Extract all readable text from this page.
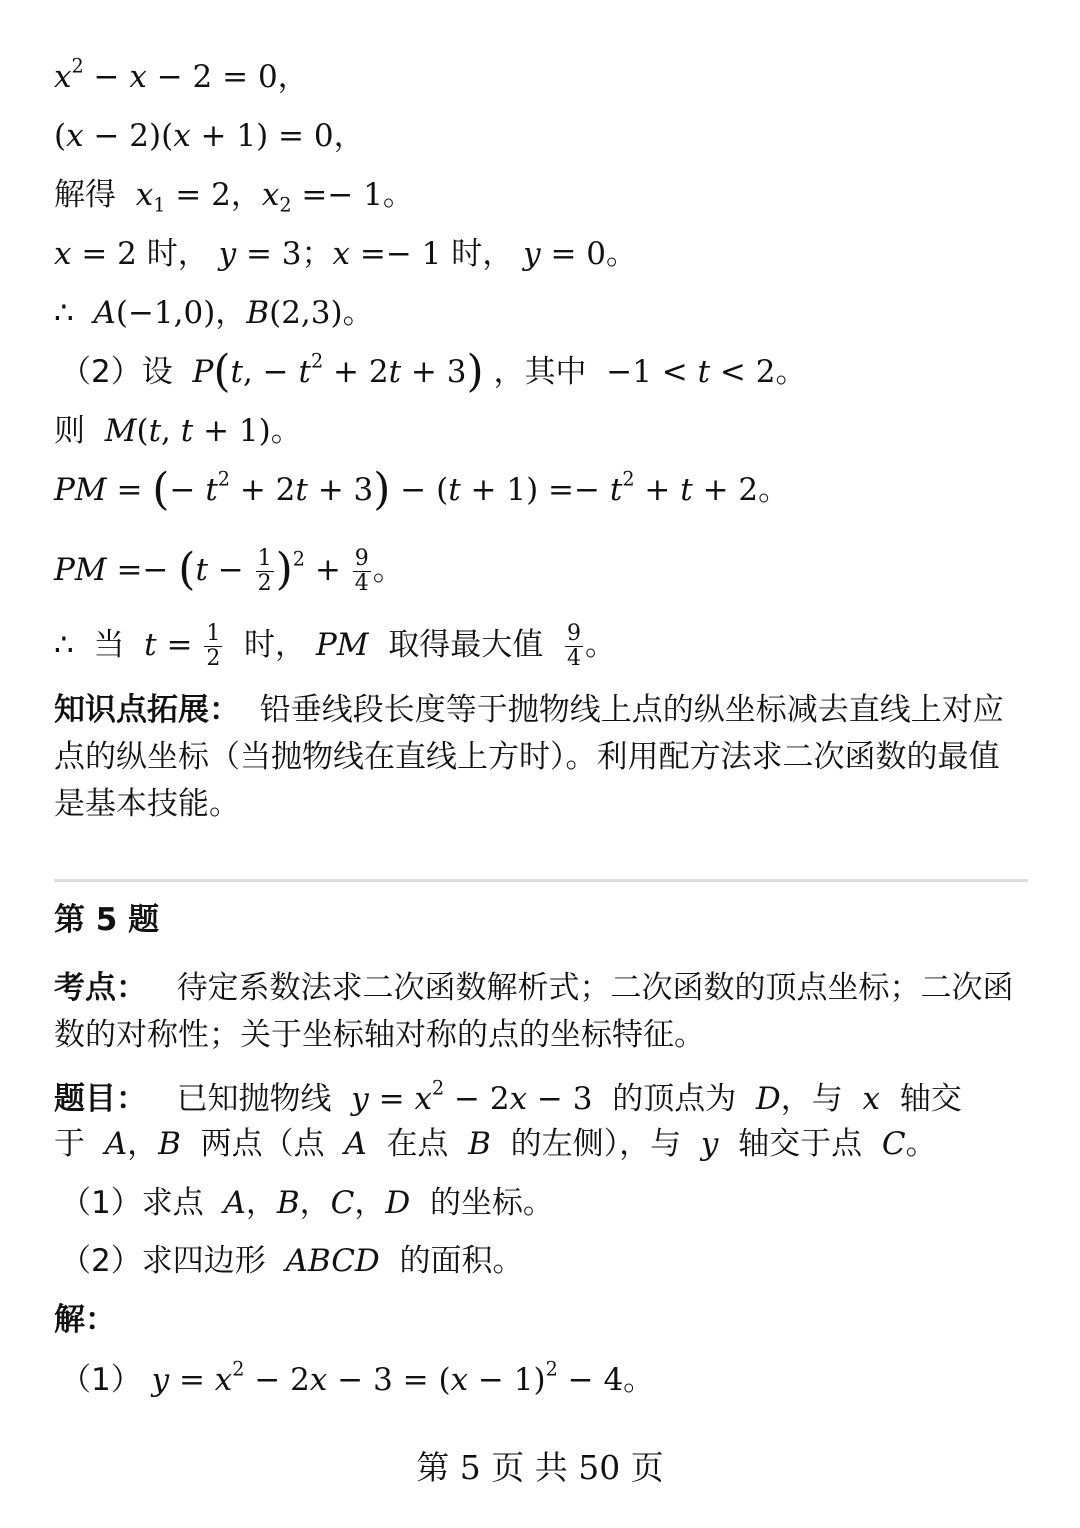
$x^2 - x - 2 = 0$，
(x − 2)(x + 1) = 0，
解得 $x_1 = 2$，$x_2 =- 1$。
x = 2 时， y = 3；x =− 1 时， y = 0。
∴ A(−1,0)，B(2,3)。
（2）设 P(t, − $t^2 + 2t + 3$) ，其中  −1 < t < 2。
则 M(t, t + 1)。
PM = (− $t^2 + 2t + 3) - (t + 1) =- t^2 + t + 2$。
PM =− $(t - \frac{1}{2} )^2 + \frac{9}{4}$ 。
∴ 当 $t = \frac{1}{2}$ 时， PM 取得最大值 $\frac{9}{4}$ 。
知识点拓展： 铅垂线段长度等于抛物线上点的纵坐标减去直线上对应点的纵坐标（当抛物线在直线上方时）。利用配方法求二次函数的最值是基本技能。
第 5 题
考点： 待定系数法求二次函数解析式；二次函数的顶点坐标；二次函数的对称性；关于坐标轴对称的点的坐标特征。
题目： 已知抛物线 $y = x^2 - 2x - 3$  的顶点为 D，与 x 轴交
于 A，B 两点（点 A 在点 B 的左侧），与 y 轴交于点 C。
（1）求点 A，B，C，D 的坐标。
（2）求四边形 ABCD 的面积。
解：
（1） $y = x^2 - 2x - 3 = (x - 1)^2 - 4$。
第 5 页 共 50 页
